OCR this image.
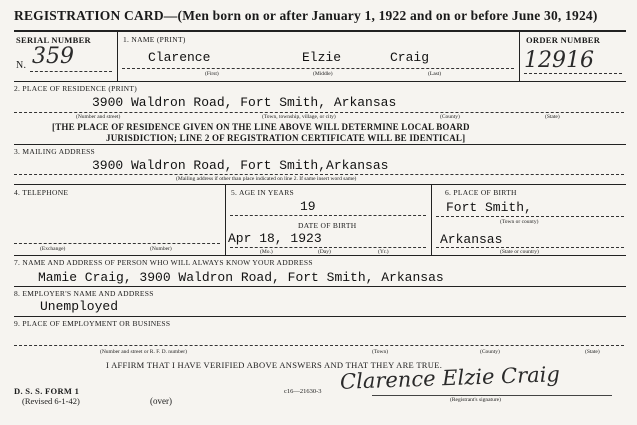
REGISTRATION CARD—(Men born on or after January 1, 1922 and on or before June 30, 1924)
SERIAL NUMBER
N. 359
1. NAME (PRINT)
Clarence	Elzie	Craig
(First)	(Middle)	(Last)
ORDER NUMBER
12916
2. PLACE OF RESIDENCE (PRINT)
3900 Waldron Road, Fort Smith, Arkansas
(Number and street)	(Town, township, village, or city)	(County)	(State)
[THE PLACE OF RESIDENCE GIVEN ON THE LINE ABOVE WILL DETERMINE LOCAL BOARD
JURISDICTION; LINE 2 OF REGISTRATION CERTIFICATE WILL BE IDENTICAL]
3. MAILING ADDRESS
3900 Waldron Road, Fort Smith,Arkansas
(Mailing address if other than place indicated on line 2. If same insert word same)
4. TELEPHONE
(Exchange)	(Number)
5. AGE IN YEARS
19
DATE OF BIRTH
Apr 18, 1923
(Mo.)	(Day)	(Yr.)
6. PLACE OF BIRTH
Fort Smith,
(Town or county)
Arkansas
(State or country)
7. NAME AND ADDRESS OF PERSON WHO WILL ALWAYS KNOW YOUR ADDRESS
Mamie Craig, 3900 Waldron Road, Fort Smith, Arkansas
8. EMPLOYER'S NAME AND ADDRESS
Unemployed
9. PLACE OF EMPLOYMENT OR BUSINESS
(Number and street or R. F. D. number)	(Town)	(County)	(State)
I AFFIRM THAT I HAVE VERIFIED ABOVE ANSWERS AND THAT THEY ARE TRUE.
D. S. S. FORM 1
(Revised 6-1-42)	(over)
c16—21630-3 Clarence Elzie Craig
(Registrant's signature)
